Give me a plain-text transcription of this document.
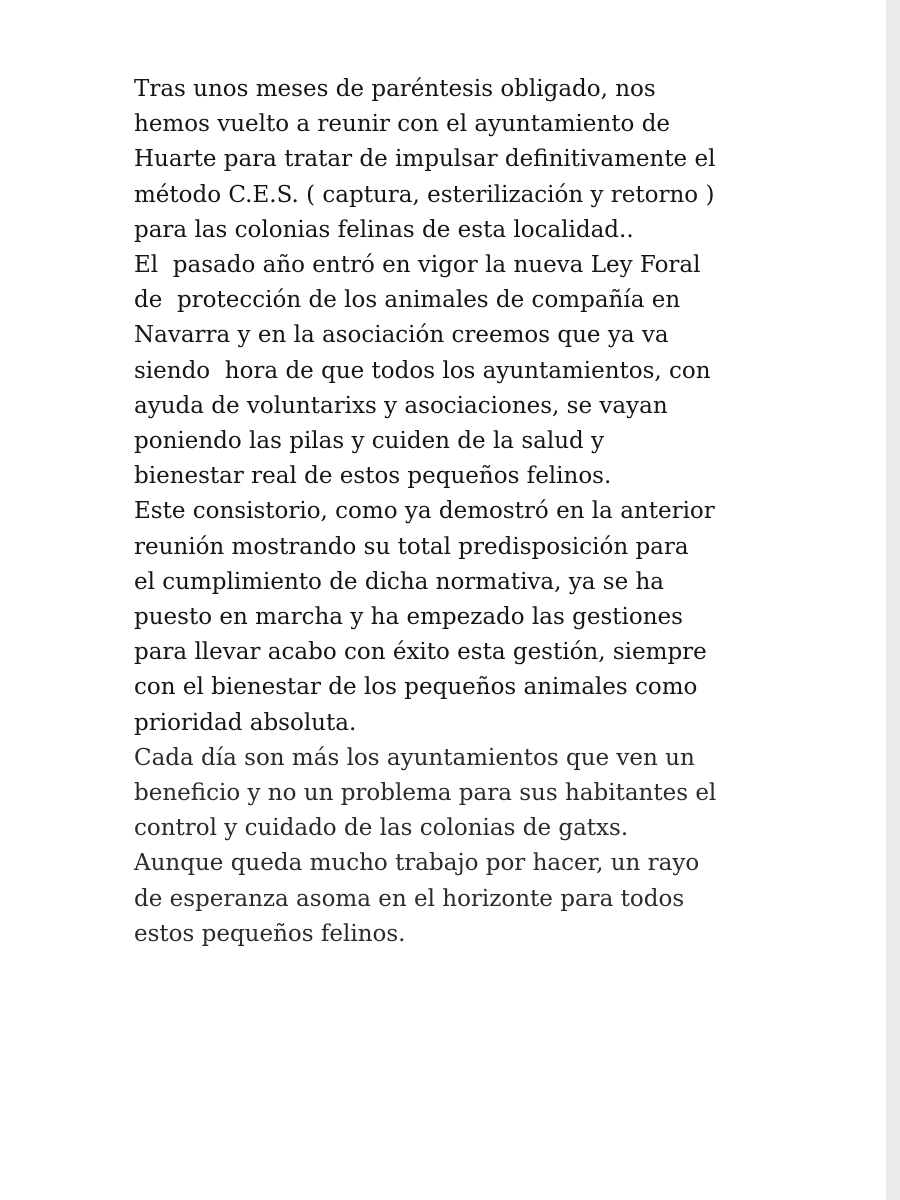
Tras unos meses de paréntesis obligado, nos
hemos vuelto a reunir con el ayuntamiento de
Huarte para tratar de impulsar definitivamente el
método C.E.S. ( captura, esterilización y retorno )
para las colonias felinas de esta localidad..
El  pasado año entró en vigor la nueva Ley Foral
de  protección de los animales de compañía en
Navarra y en la asociación creemos que ya va
siendo  hora de que todos los ayuntamientos, con
ayuda de voluntarixs y asociaciones, se vayan
poniendo las pilas y cuiden de la salud y
bienestar real de estos pequeños felinos.
Este consistorio, como ya demostró en la anterior
reunión mostrando su total predisposición para
el cumplimiento de dicha normativa, ya se ha
puesto en marcha y ha empezado las gestiones
para llevar acabo con éxito esta gestión, siempre
con el bienestar de los pequeños animales como
prioridad absoluta.
Cada día son más los ayuntamientos que ven un
beneficio y no un problema para sus habitantes el
control y cuidado de las colonias de gatxs.
Aunque queda mucho trabajo por hacer, un rayo
de esperanza asoma en el horizonte para todos
estos pequeños felinos.
